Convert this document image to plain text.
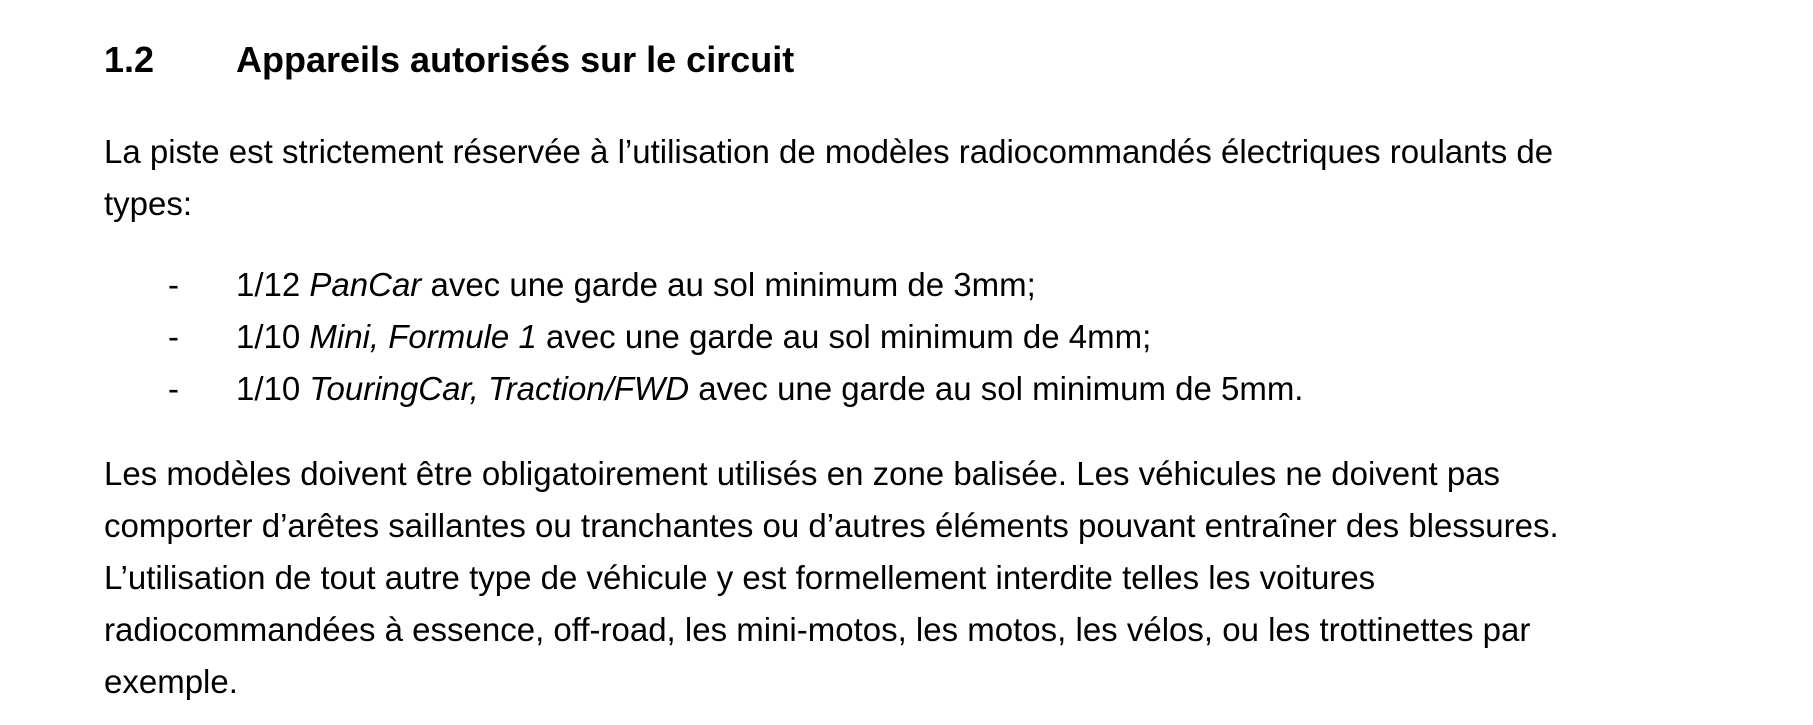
1.2 Appareils autorisés sur le circuit
La piste est strictement réservée à l’utilisation de modèles radiocommandés électriques roulants de
types:
- 1/12 PanCar avec une garde au sol minimum de 3mm;
- 1/10 Mini, Formule 1 avec une garde au sol minimum de 4mm;
- 1/10 TouringCar, Traction/FWD avec une garde au sol minimum de 5mm.
Les modèles doivent être obligatoirement utilisés en zone balisée. Les véhicules ne doivent pas
comporter d’arêtes saillantes ou tranchantes ou d’autres éléments pouvant entraîner des blessures.
L’utilisation de tout autre type de véhicule y est formellement interdite telles les voitures
radiocommandées à essence, off-road, les mini-motos, les motos, les vélos, ou les trottinettes par
exemple.
